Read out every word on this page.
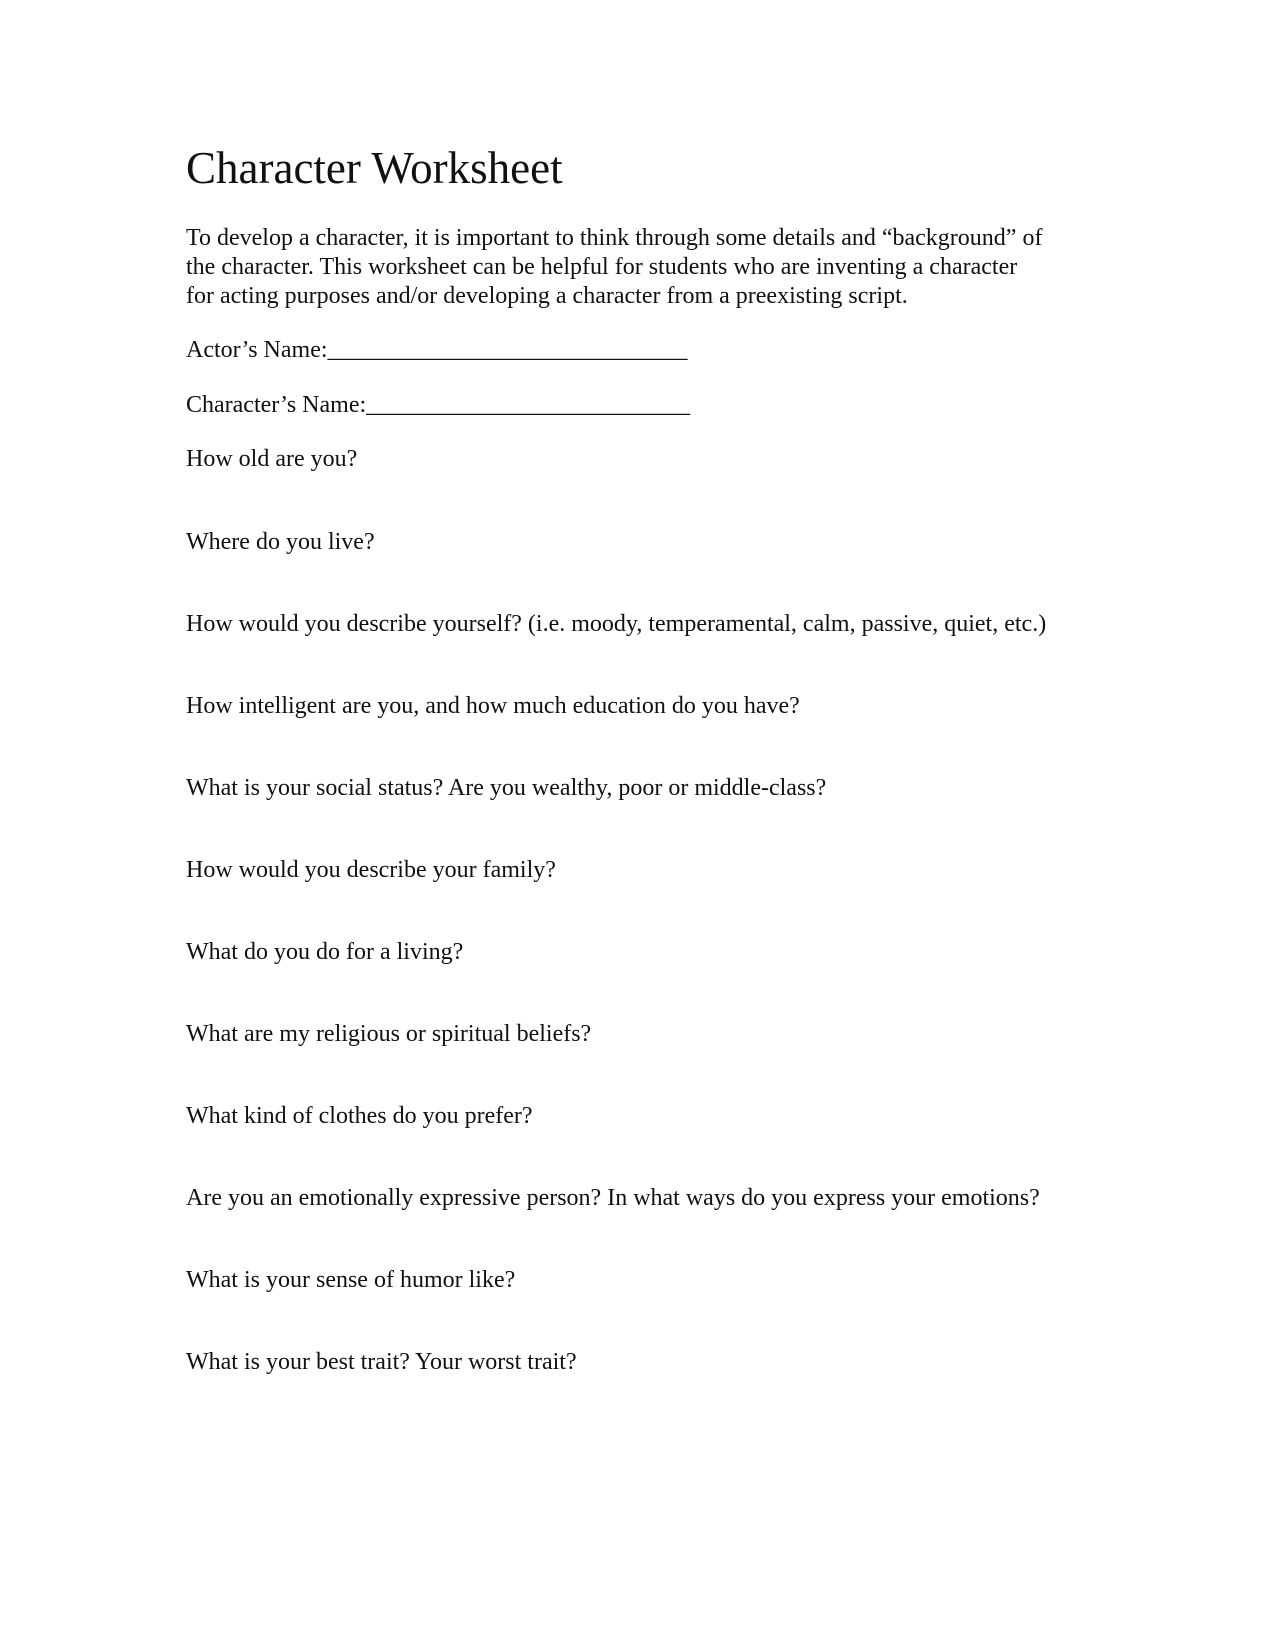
Character Worksheet
To develop a character, it is important to think through some details and “background” of
the character. This worksheet can be helpful for students who are inventing a character
for acting purposes and/or developing a character from a preexisting script.
Actor’s Name:______________________________
Character’s Name:___________________________
How old are you?
Where do you live?
How would you describe yourself? (i.e. moody, temperamental, calm, passive, quiet, etc.)
How intelligent are you, and how much education do you have?
What is your social status? Are you wealthy, poor or middle-class?
How would you describe your family?
What do you do for a living?
What are my religious or spiritual beliefs?
What kind of clothes do you prefer?
Are you an emotionally expressive person? In what ways do you express your emotions?
What is your sense of humor like?
What is your best trait? Your worst trait?
